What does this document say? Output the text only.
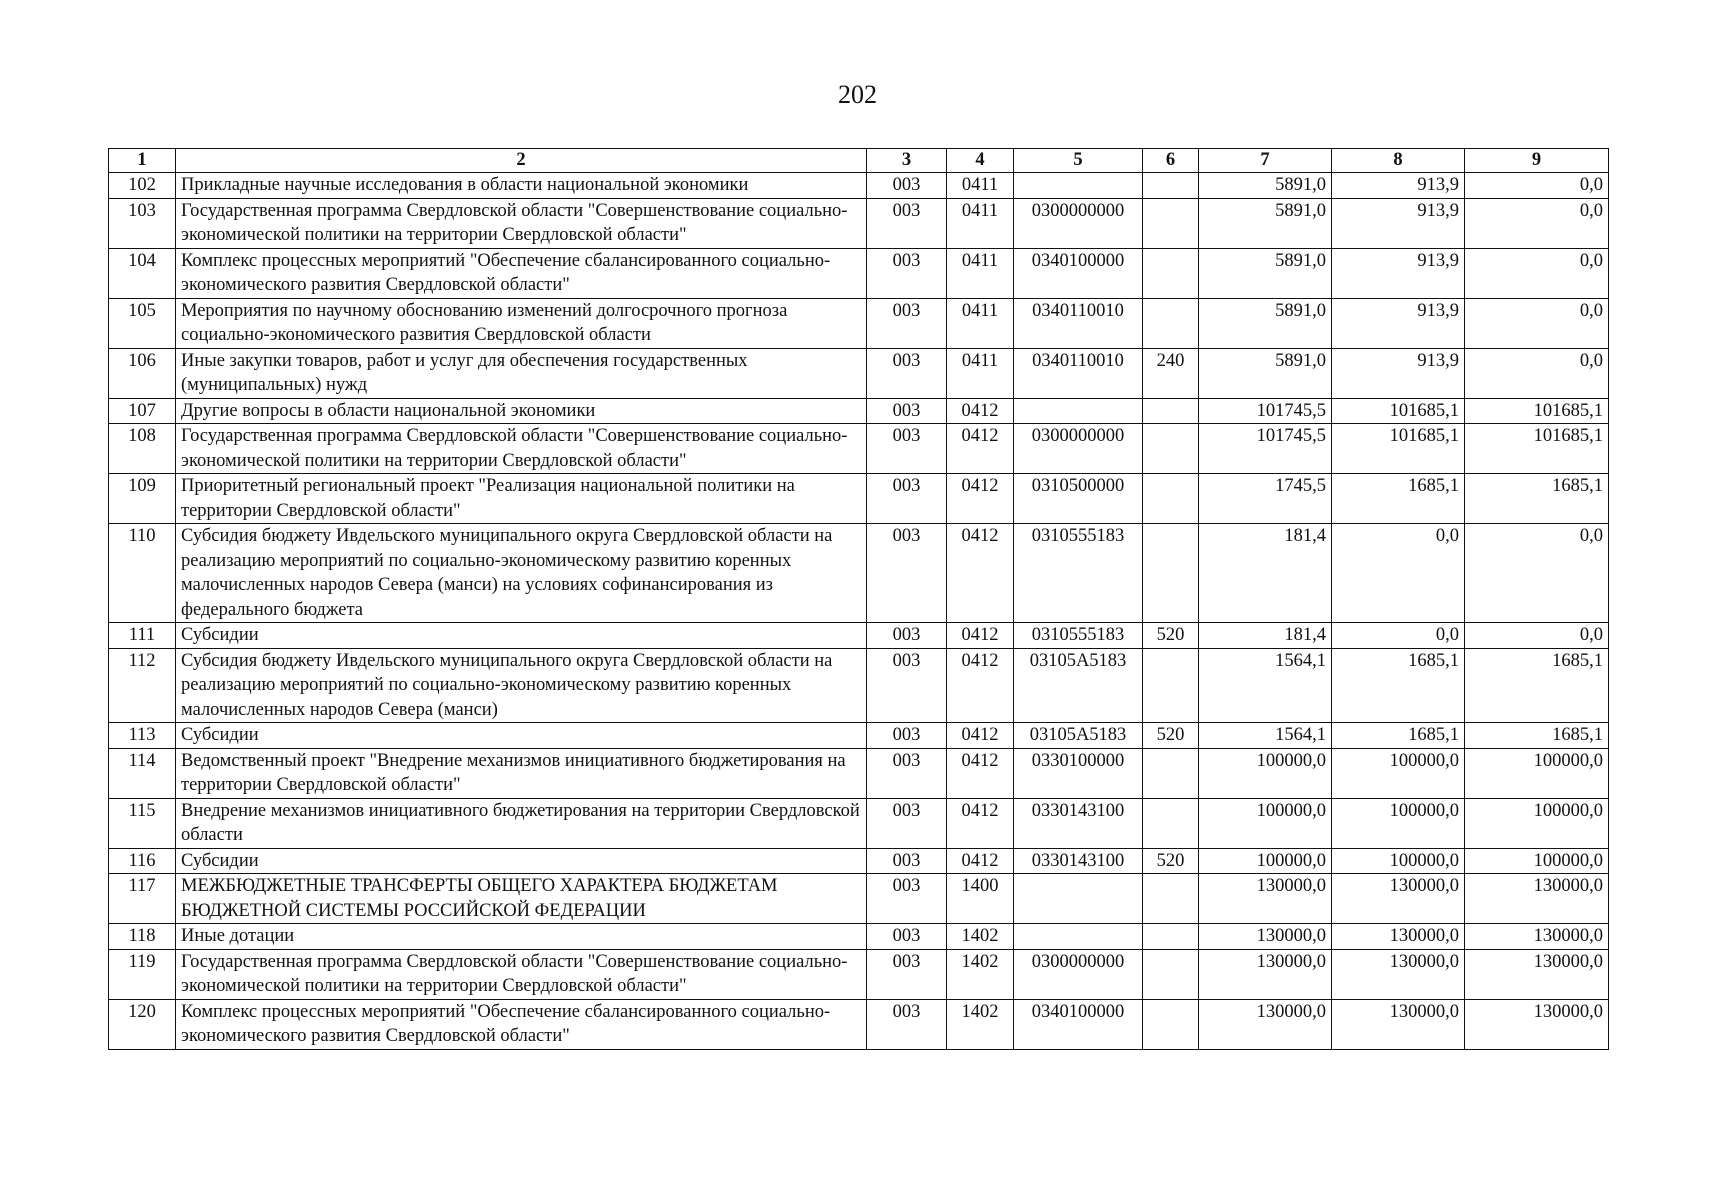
202
1	2	3	4	5	6	7	8	9
102	Прикладные научные исследования в области национальной экономики	003	0411			5891,0	913,9	0,0
103	Государственная программа Свердловской области "Совершенствование социально-экономической политики на территории Свердловской области"	003	0411	0300000000		5891,0	913,9	0,0
104	Комплекс процессных мероприятий "Обеспечение сбалансированного социально-экономического развития Свердловской области"	003	0411	0340100000		5891,0	913,9	0,0
105	Мероприятия по научному обоснованию изменений долгосрочного прогноза социально-экономического развития Свердловской области	003	0411	0340110010		5891,0	913,9	0,0
106	Иные закупки товаров, работ и услуг для обеспечения государственных (муниципальных) нужд	003	0411	0340110010	240	5891,0	913,9	0,0
107	Другие вопросы в области национальной экономики	003	0412			101745,5	101685,1	101685,1
108	Государственная программа Свердловской области "Совершенствование социально-экономической политики на территории Свердловской области"	003	0412	0300000000		101745,5	101685,1	101685,1
109	Приоритетный региональный проект "Реализация национальной политики на территории Свердловской области"	003	0412	0310500000		1745,5	1685,1	1685,1
110	Субсидия бюджету Ивдельского муниципального округа Свердловской области на реализацию мероприятий по социально-экономическому развитию коренных малочисленных народов Севера (манси) на условиях софинансирования из федерального бюджета	003	0412	0310555183		181,4	0,0	0,0
111	Субсидии	003	0412	0310555183	520	181,4	0,0	0,0
112	Субсидия бюджету Ивдельского муниципального округа Свердловской области на реализацию мероприятий по социально-экономическому развитию коренных малочисленных народов Севера (манси)	003	0412	03105A5183		1564,1	1685,1	1685,1
113	Субсидии	003	0412	03105A5183	520	1564,1	1685,1	1685,1
114	Ведомственный проект "Внедрение механизмов инициативного бюджетирования на территории Свердловской области"	003	0412	0330100000		100000,0	100000,0	100000,0
115	Внедрение механизмов инициативного бюджетирования на территории Свердловской области	003	0412	0330143100		100000,0	100000,0	100000,0
116	Субсидии	003	0412	0330143100	520	100000,0	100000,0	100000,0
117	МЕЖБЮДЖЕТНЫЕ ТРАНСФЕРТЫ ОБЩЕГО ХАРАКТЕРА БЮДЖЕТАМ БЮДЖЕТНОЙ СИСТЕМЫ РОССИЙСКОЙ ФЕДЕРАЦИИ	003	1400			130000,0	130000,0	130000,0
118	Иные дотации	003	1402			130000,0	130000,0	130000,0
119	Государственная программа Свердловской области "Совершенствование социально-экономической политики на территории Свердловской области"	003	1402	0300000000		130000,0	130000,0	130000,0
120	Комплекс процессных мероприятий "Обеспечение сбалансированного социально-экономического развития Свердловской области"	003	1402	0340100000		130000,0	130000,0	130000,0
